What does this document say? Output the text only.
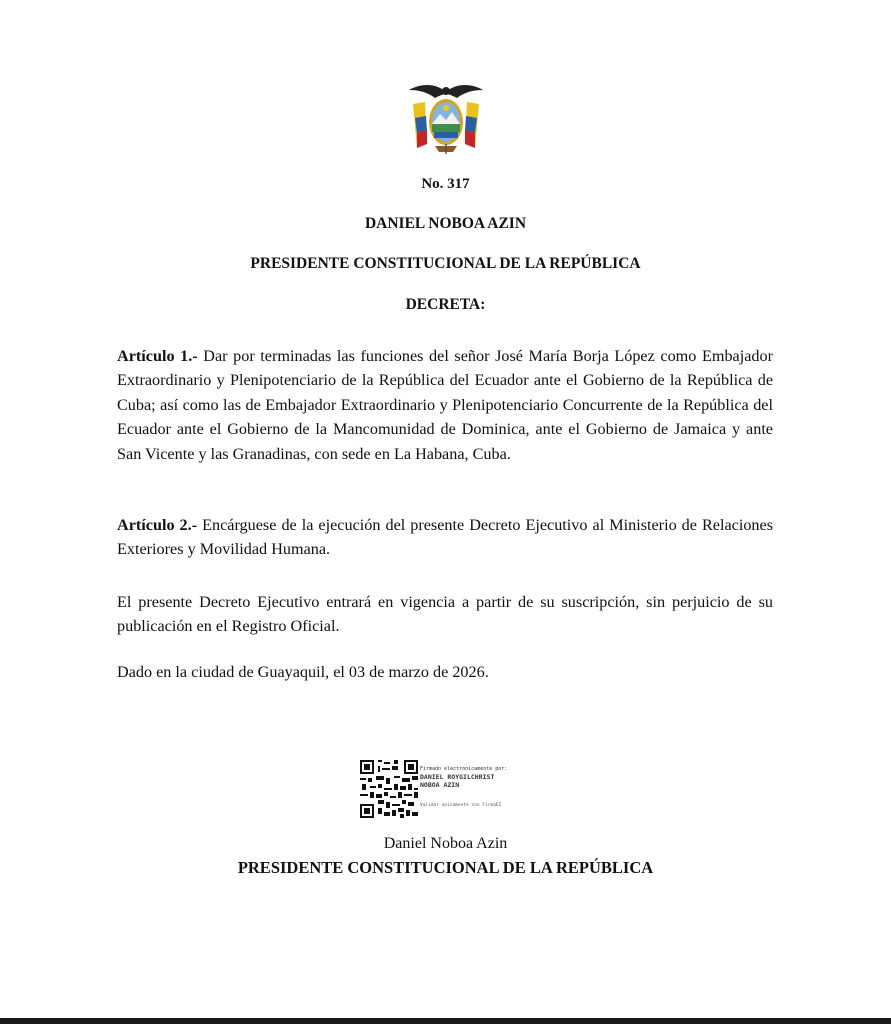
No. 317
DANIEL NOBOA AZIN
PRESIDENTE CONSTITUCIONAL DE LA REPÚBLICA
DECRETA:

Artículo 1.- Dar por terminadas las funciones del señor José María Borja López como Embajador Extraordinario y Plenipotenciario de la República del Ecuador ante el Gobierno de la República de Cuba; así como las de Embajador Extraordinario y Plenipotenciario Concurrente de la República del Ecuador ante el Gobierno de la Mancomunidad de Dominica, ante el Gobierno de Jamaica y ante San Vicente y las Granadinas, con sede en La Habana, Cuba.

Artículo 2.- Encárguese de la ejecución del presente Decreto Ejecutivo al Ministerio de Relaciones Exteriores y Movilidad Humana.

El presente Decreto Ejecutivo entrará en vigencia a partir de su suscripción, sin perjuicio de su publicación en el Registro Oficial.

Dado en la ciudad de Guayaquil, el 03 de marzo de 2026.

Firmado electrónicamente por:
DANIEL ROYGILCHRIST
NOBOA AZIN
Validar únicamente con FirmaEC
Daniel Noboa Azin
PRESIDENTE CONSTITUCIONAL DE LA REPÚBLICA
